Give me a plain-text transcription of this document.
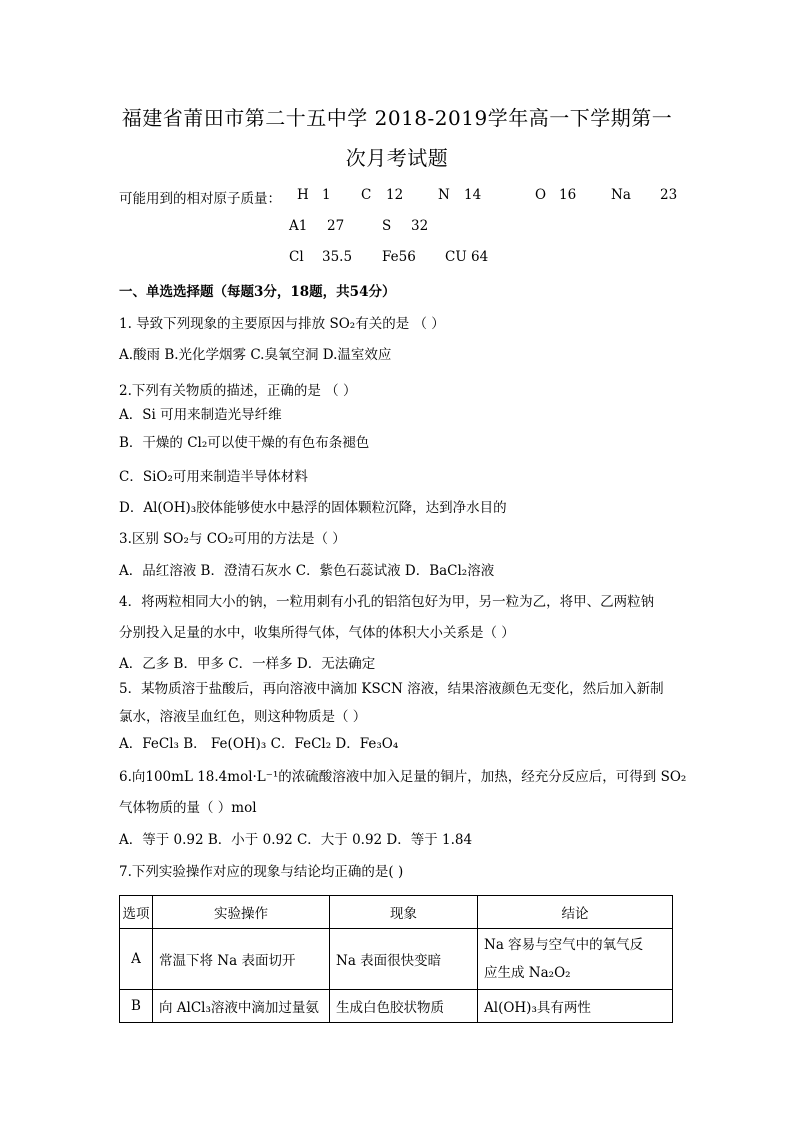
福建省莆田市第二十五中学 2018-2019学年高一下学期第一
次月考试题
可能用到的相对原子质量： H 1 C 12	N 14	O 16	Na 23
A1 27	S 32
Cl 35.5 Fe56 CU 64
一、单选选择题（每题3分，18题，共54分）
1. 导致下列现象的主要原因与排放 SO₂有关的是 （ ）
A.酸雨 B.光化学烟雾 C.臭氧空洞 D.温室效应
2.下列有关物质的描述，正确的是 （ ）
A．Si 可用来制造光导纤维
B．干燥的 Cl₂可以使干燥的有色布条褪色
C．SiO₂可用来制造半导体材料
D．Al(OH)₃胶体能够使水中悬浮的固体颗粒沉降，达到净水目的
3.区别 SO₂与 CO₂可用的方法是（ ）
A．品红溶液 B．澄清石灰水 C．紫色石蕊试液 D．BaCl₂溶液
4．将两粒相同大小的钠，一粒用刺有小孔的铝箔包好为甲，另一粒为乙，将甲、乙两粒钠
分别投入足量的水中，收集所得气体，气体的体积大小关系是（ ）
A．乙多 B．甲多 C．一样多 D．无法确定
5．某物质溶于盐酸后，再向溶液中滴加 KSCN 溶液，结果溶液颜色无变化，然后加入新制
氯水，溶液呈血红色，则这种物质是（ ）
A．FeCl₃ B． Fe(OH)₃ C．FeCl₂ D．Fe₃O₄
6.向100mL 18.4mol·L⁻¹的浓硫酸溶液中加入足量的铜片，加热，经充分反应后，可得到 SO₂
气体物质的量（ ）mol
A．等于 0.92 B．小于 0.92 C．大于 0.92 D．等于 1.84
7.下列实验操作对应的现象与结论均正确的是( )
选项	实验操作	现象	结论
A	常温下将 Na 表面切开	Na 表面很快变暗	Na 容易与空气中的氧气反
应生成 Na₂O₂

B	向 AlCl₃溶液中滴加过量氨	生成白色胶状物质	Al(OH)₃具有两性
